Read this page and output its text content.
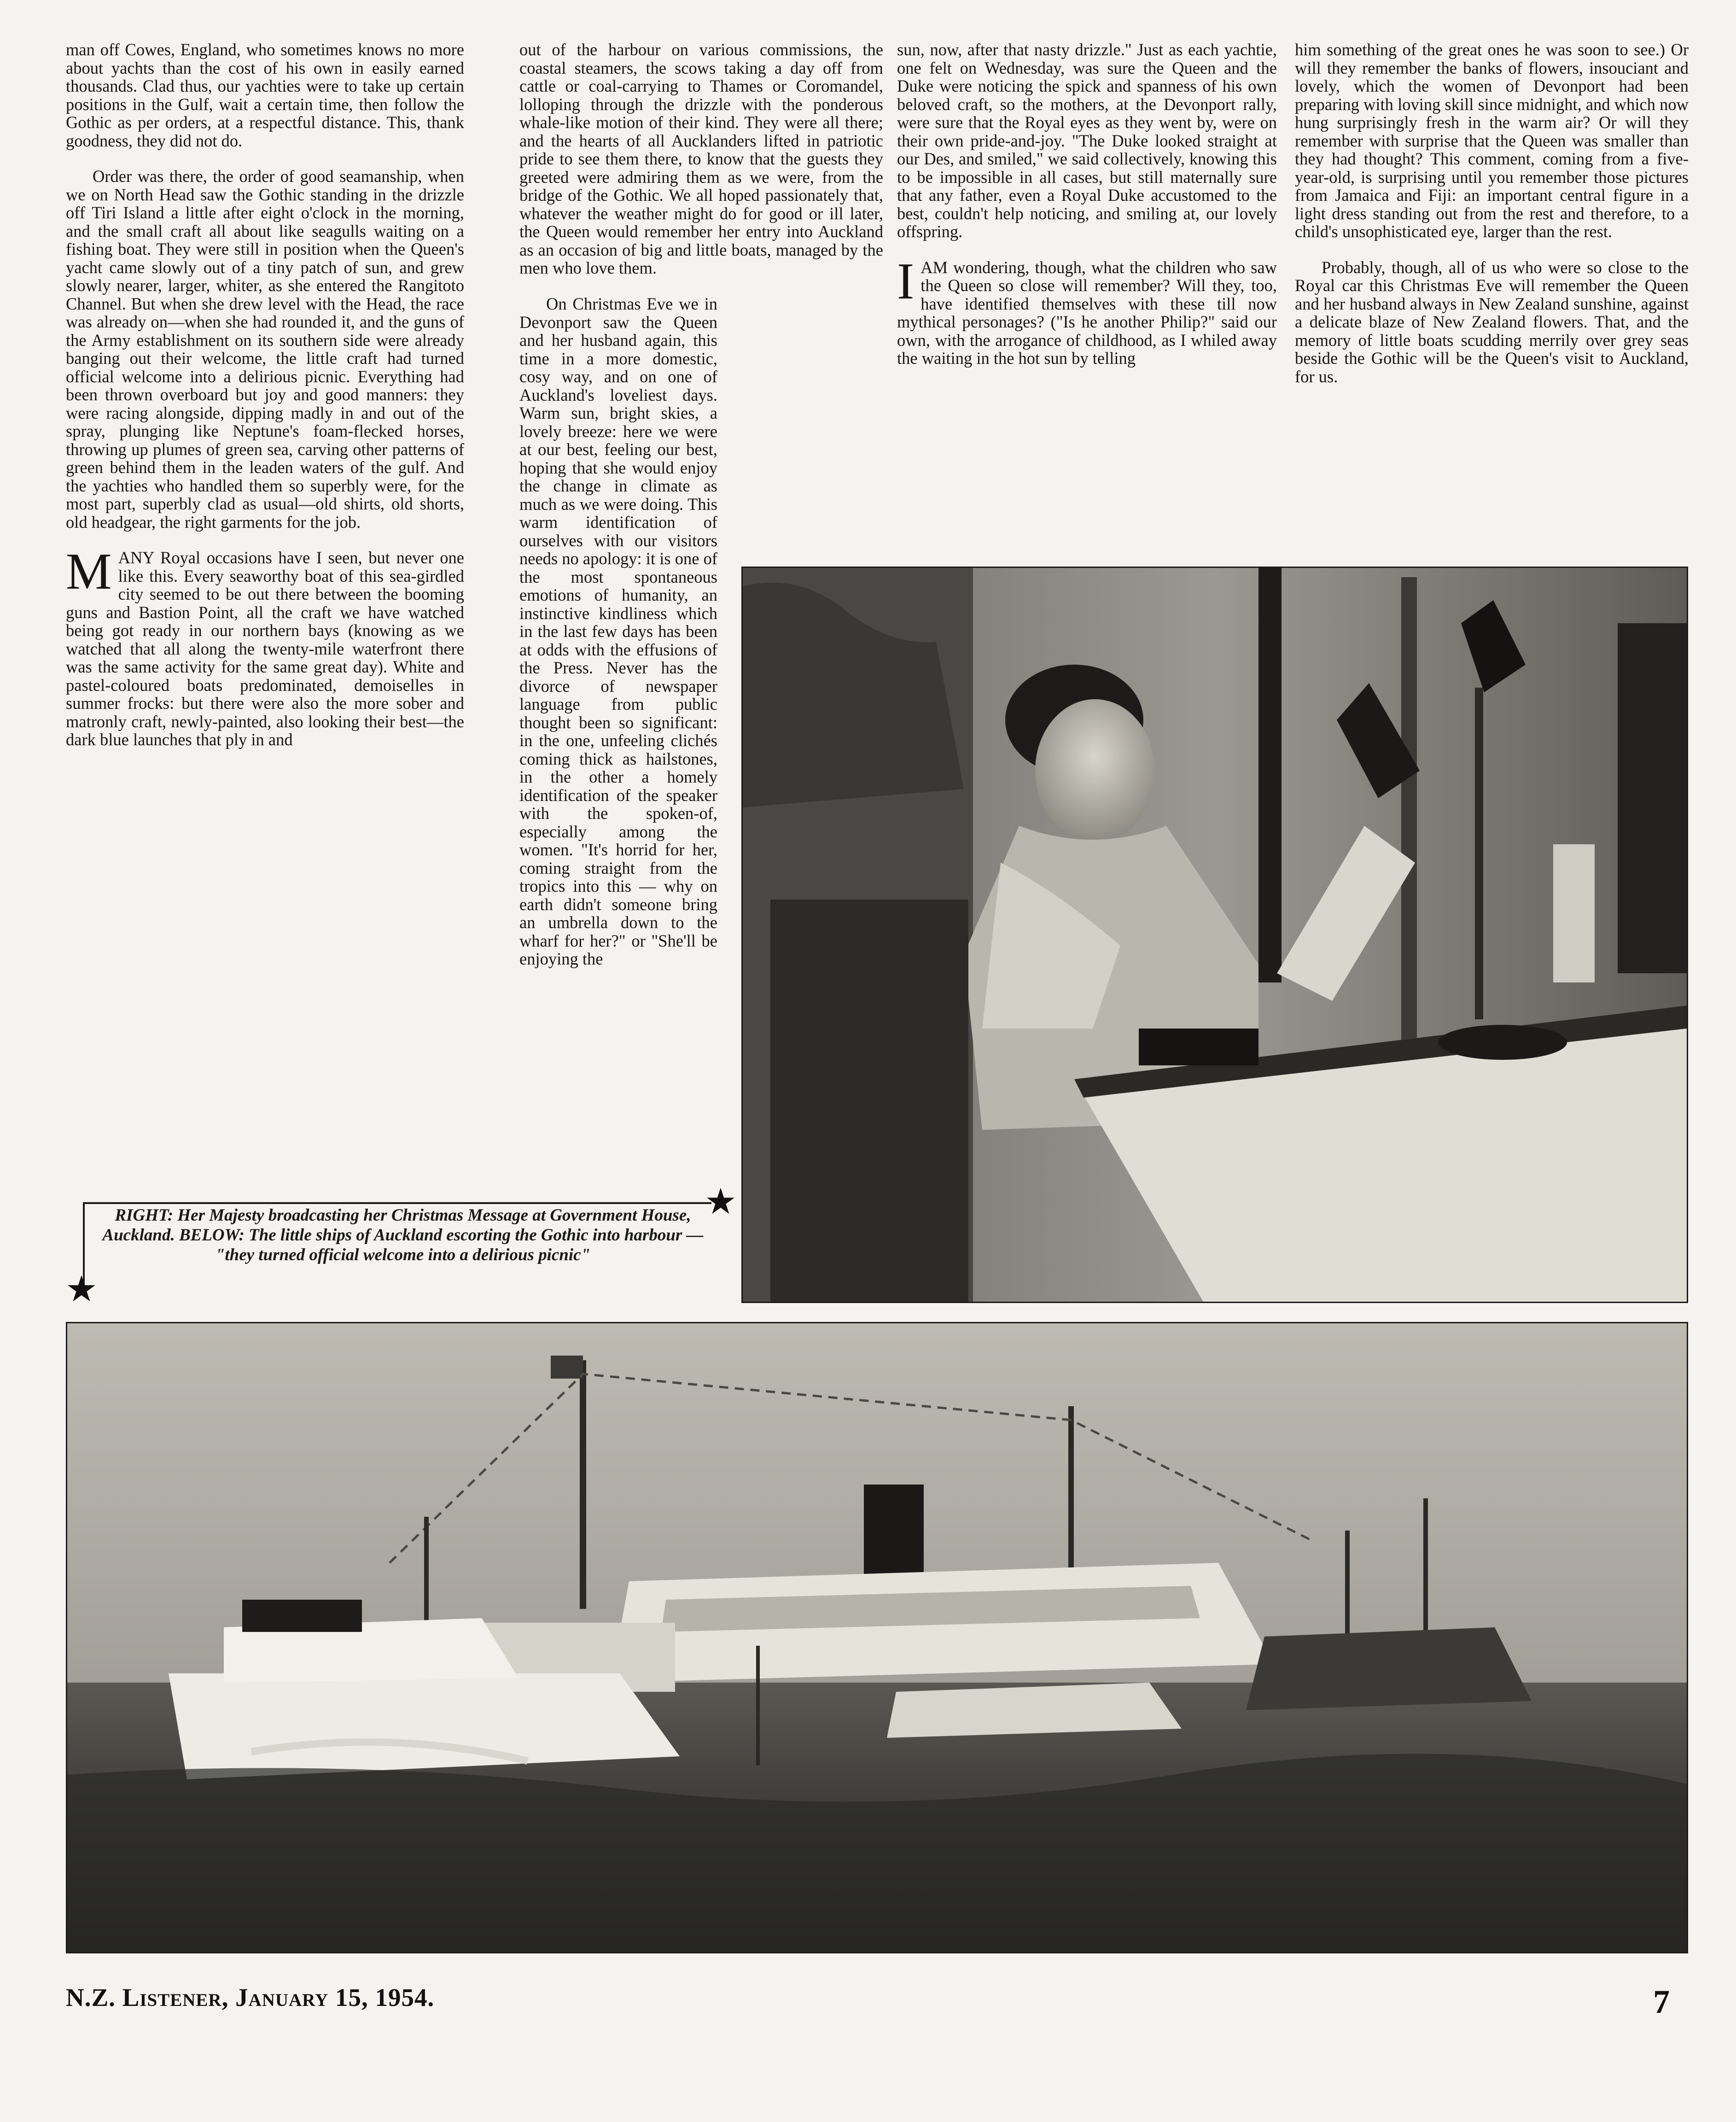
man off Cowes, England, who sometimes knows no more about yachts than the cost of his own in easily earned thousands. Clad thus, our yachties were to take up certain positions in the Gulf, wait a certain time, then follow the Gothic as per orders, at a respectful distance. This, thank goodness, they did not do.

Order was there, the order of good seamanship, when we on North Head saw the Gothic standing in the drizzle off Tiri Island a little after eight o'clock in the morning, and the small craft all about like seagulls waiting on a fishing boat. They were still in position when the Queen's yacht came slowly out of a tiny patch of sun, and grew slowly nearer, larger, whiter, as she entered the Rangitoto Channel. But when she drew level with the Head, the race was already on—when she had rounded it, and the guns of the Army establishment on its southern side were already banging out their welcome, the little craft had turned official welcome into a delirious picnic. Everything had been thrown overboard but joy and good manners: they were racing alongside, dipping madly in and out of the spray, plunging like Neptune's foam-flecked horses, throwing up plumes of green sea, carving other patterns of green behind them in the leaden waters of the gulf. And the yachties who handled them so superbly were, for the most part, superbly clad as usual—old shirts, old shorts, old headgear, the right garments for the job.

MANY Royal occasions have I seen, but never one like this. Every seaworthy boat of this sea-girdled city seemed to be out there between the booming guns and Bastion Point, all the craft we have watched being got ready in our northern bays (knowing as we watched that all along the twenty-mile waterfront there was the same activity for the same great day). White and pastel-coloured boats predominated, demoiselles in summer frocks: but there were also the more sober and matronly craft, newly-painted, also looking their best—the dark blue launches that ply in and

On Christmas Eve we in Devonport saw the Queen and her husband again, this time in a more domestic, cosy way, and on one of Auckland's loveliest days. Warm sun, bright skies, a lovely breeze: here we were at our best, feeling our best, hoping that she would enjoy the change in climate as much as we were doing. This warm identification of ourselves with our visitors needs no apology: it is one of the most spontaneous emotions of humanity, an instinctive kindliness which in the last few days has been at odds with the effusions of the Press. Never has the divorce of newspaper language from public thought been so significant: in the one, unfeeling clichés coming thick as hailstones, in the other a homely identification of the speaker with the spoken-of, especially among the women. "It's horrid for her, coming straight from the tropics into this — why on earth didn't someone bring an umbrella down to the wharf for her?" or "She'll be enjoying the

out of the harbour on various commissions, the coastal steamers, the scows taking a day off from cattle or coal-carrying to Thames or Coromandel, lolloping through the drizzle with the ponderous whale-like motion of their kind. They were all there; and the hearts of all Aucklanders lifted in patriotic pride to see them there, to know that the guests they greeted were admiring them as we were, from the bridge of the Gothic. We all hoped passionately that, whatever the weather might do for good or ill later, the Queen would remember her entry into Auckland as an occasion of big and little boats, managed by the men who love them.

sun, now, after that nasty drizzle." Just as each yachtie, one felt on Wednesday, was sure the Queen and the Duke were noticing the spick and spanness of his own beloved craft, so the mothers, at the Devonport rally, were sure that the Royal eyes as they went by, were on their own pride-and-joy. "The Duke looked straight at our Des, and smiled," we said collectively, knowing this to be impossible in all cases, but still maternally sure that any father, even a Royal Duke accustomed to the best, couldn't help noticing, and smiling at, our lovely offspring.

IAM wondering, though, what the children who saw the Queen so close will remember? Will they, too, have identified themselves with these till now mythical personages? ("Is he another Philip?" said our own, with the arrogance of childhood, as I whiled away the waiting in the hot sun by telling

him something of the great ones he was soon to see.) Or will they remember the banks of flowers, insouciant and lovely, which the women of Devonport had been preparing with loving skill since midnight, and which now hung surprisingly fresh in the warm air? Or will they remember with surprise that the Queen was smaller than they had thought? This comment, coming from a five-year-old, is surprising until you remember those pictures from Jamaica and Fiji: an important central figure in a light dress standing out from the rest and therefore, to a child's unsophisticated eye, larger than the rest.

Probably, though, all of us who were so close to the Royal car this Christmas Eve will remember the Queen and her husband always in New Zealand sunshine, against a delicate blaze of New Zealand flowers. That, and the memory of little boats scudding merrily over grey seas beside the Gothic will be the Queen's visit to Auckland, for us.

★
★
RIGHT: Her Majesty broadcasting her Christmas Message at Government House, Auckland. BELOW: The little ships of Auckland escorting the Gothic into harbour — "they turned official welcome into a delirious picnic"
N.Z. Listener, January 15, 1954.	7
